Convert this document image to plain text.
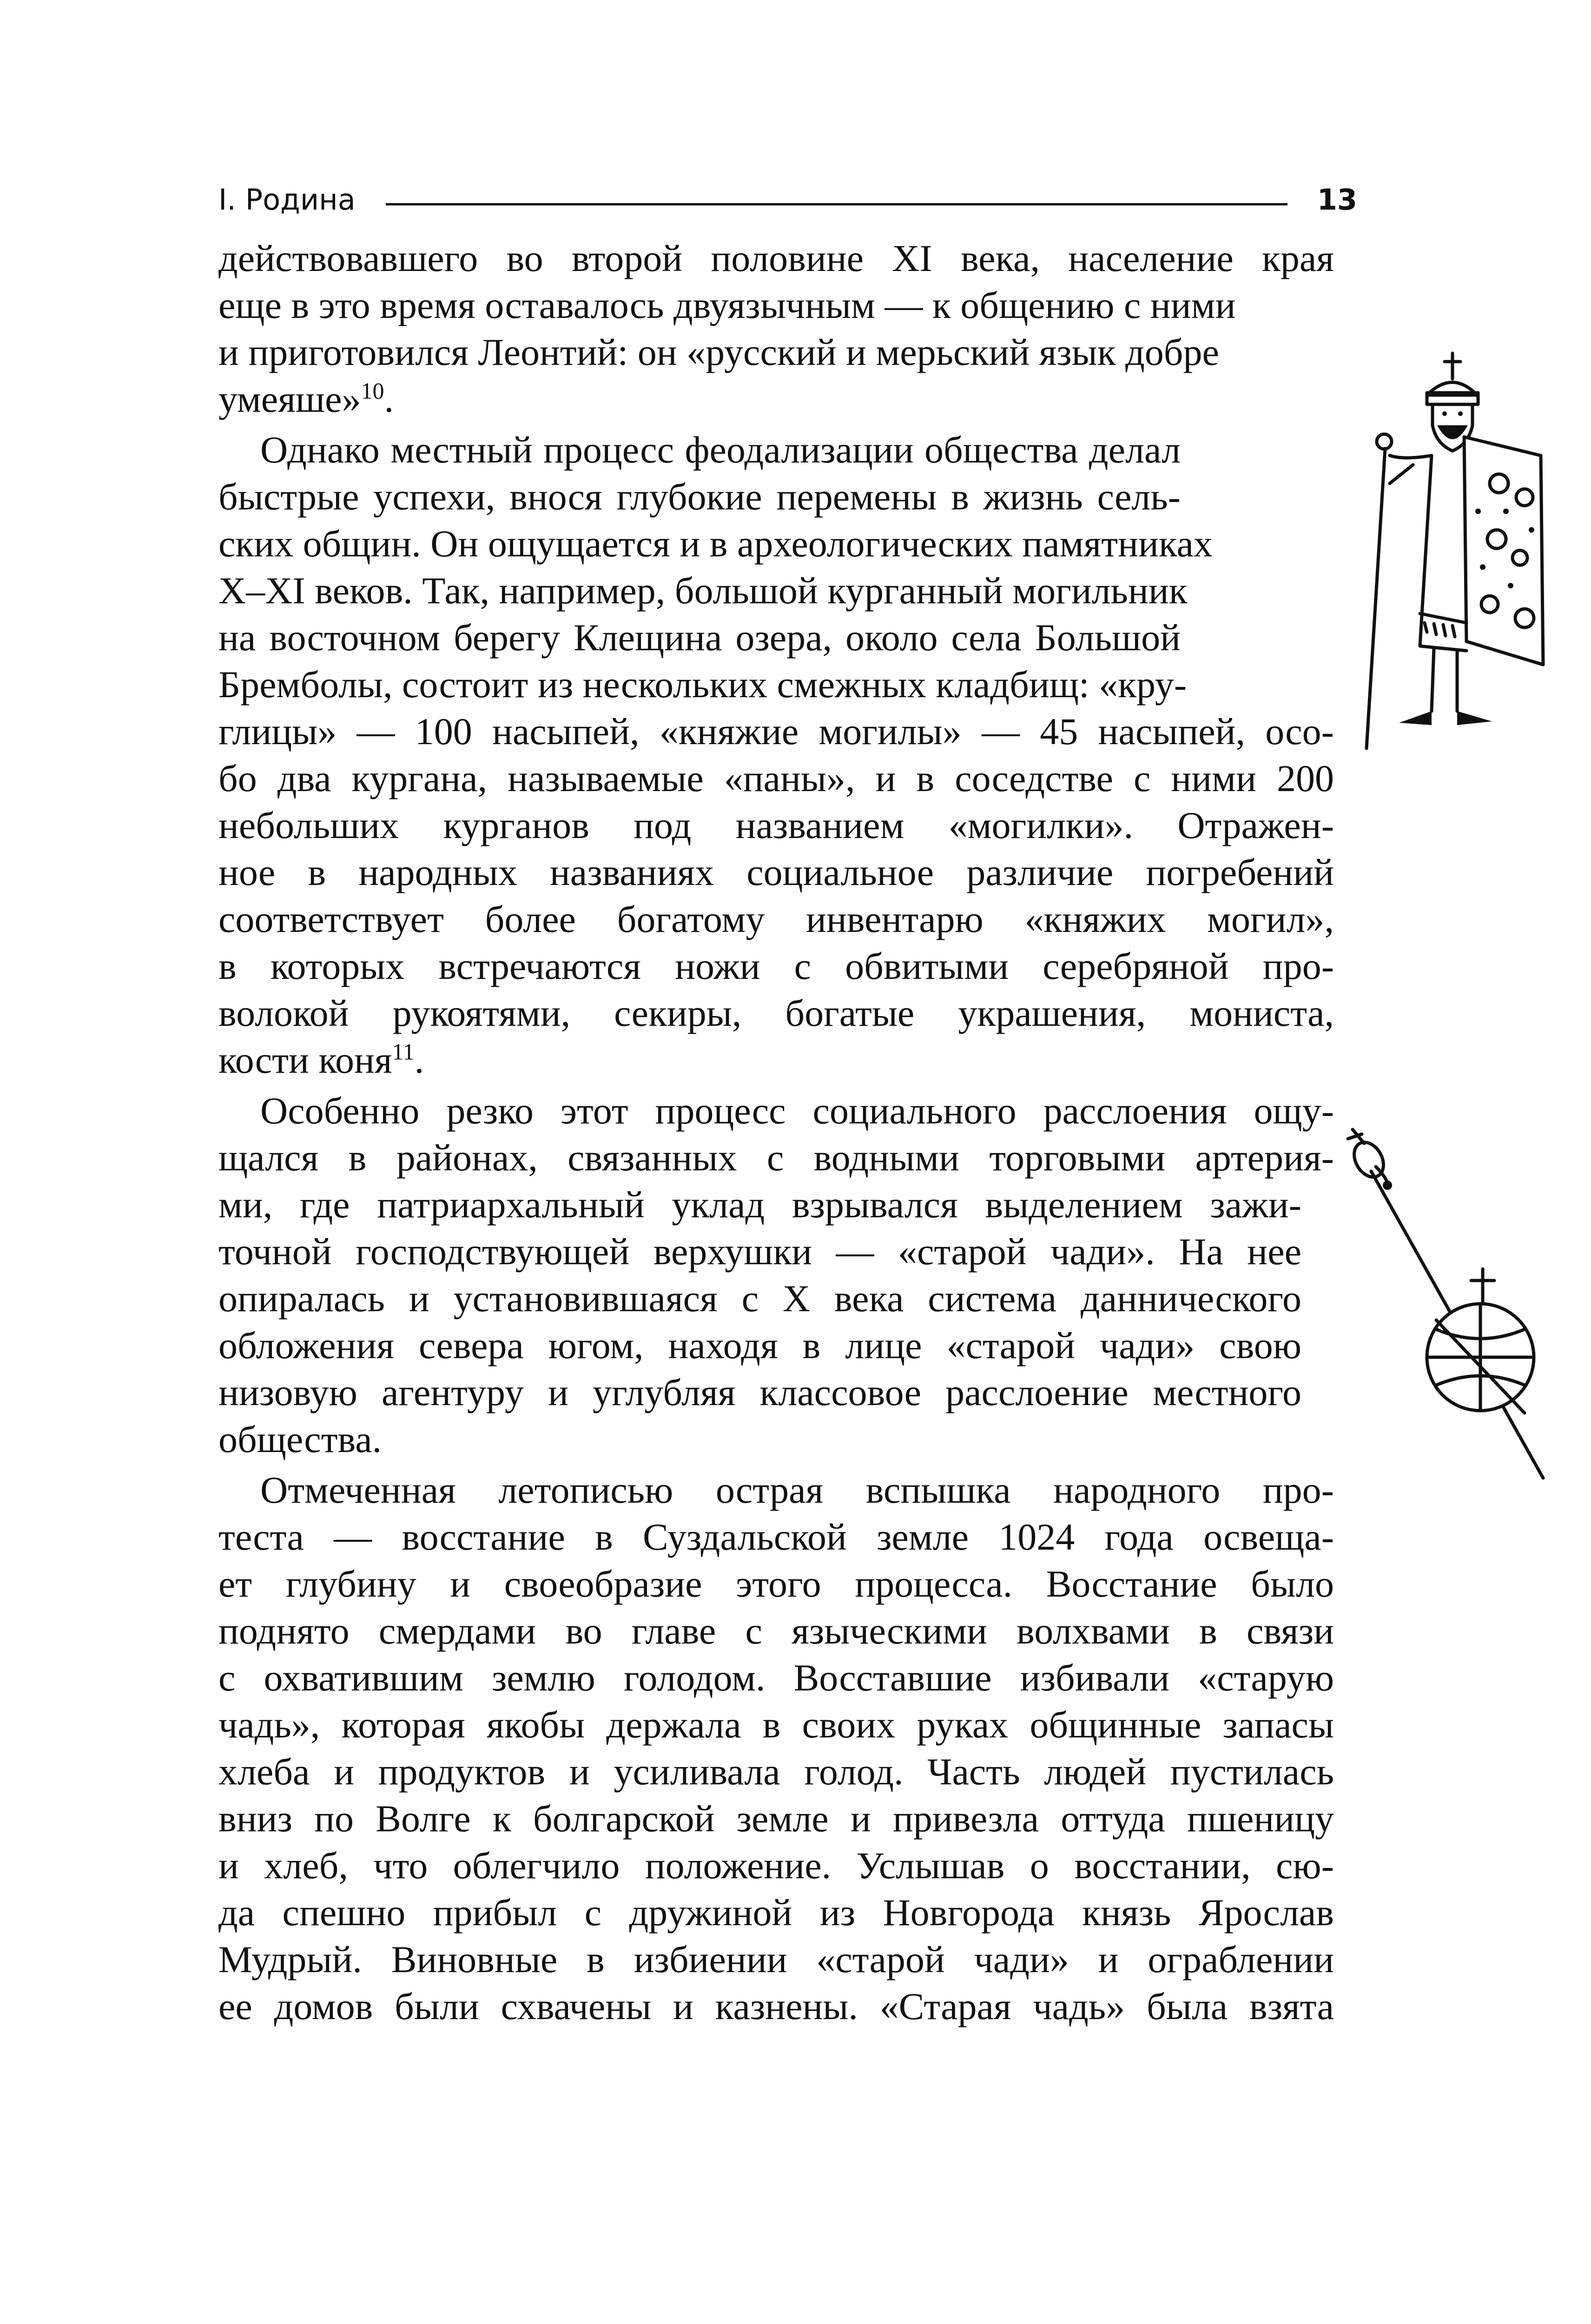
I. Родина	13

действовавшего во второй половине XI века, население края
еще в это время оставалось двуязычным — к общению с ними
и приготовился Леонтий: он «русский и мерьский язык добре
умеяше»$^{10}$.

Однако местный процесс феодализации общества делал
быстрые успехи, внося глубокие перемены в жизнь сель-
ских общин. Он ощущается и в археологических памятниках
X–XI веков. Так, например, большой курганный могильник
на восточном берегу Клещина озера, около села Большой
Бремболы, состоит из нескольких смежных кладбищ: «кру-
глицы» — 100 насыпей, «княжие могилы» — 45 насыпей, осо-
бо два кургана, называемые «паны», и в соседстве с ними 200
небольших курганов под названием «могилки». Отражен-
ное в народных названиях социальное различие погребений
соответствует более богатому инвентарю «княжих могил»,
в которых встречаются ножи с обвитыми серебряной про-
волокой рукоятями, секиры, богатые украшения, мониста,
кости коня$^{11}$.

Особенно резко этот процесс социального расслоения ощу-
щался в районах, связанных с водными торговыми артерия-
ми, где патриархальный уклад взрывался выделением зажи-
точной господствующей верхушки — «старой чади». На нее
опиралась и установившаяся с X века система даннического
обложения севера югом, находя в лице «старой чади» свою
низовую агентуру и углубляя классовое расслоение местного
общества.

Отмеченная летописью острая вспышка народного про-
теста — восстание в Суздальской земле 1024 года освеща-
ет глубину и своеобразие этого процесса. Восстание было
поднято смердами во главе с языческими волхвами в связи
с охватившим землю голодом. Восставшие избивали «старую
чадь», которая якобы держала в своих руках общинные запасы
хлеба и продуктов и усиливала голод. Часть людей пустилась
вниз по Волге к болгарской земле и привезла оттуда пшеницу
и хлеб, что облегчило положение. Услышав о восстании, сю-
да спешно прибыл с дружиной из Новгорода князь Ярослав
Мудрый. Виновные в избиении «старой чади» и ограблении
ее домов были схвачены и казнены. «Старая чадь» была взята
